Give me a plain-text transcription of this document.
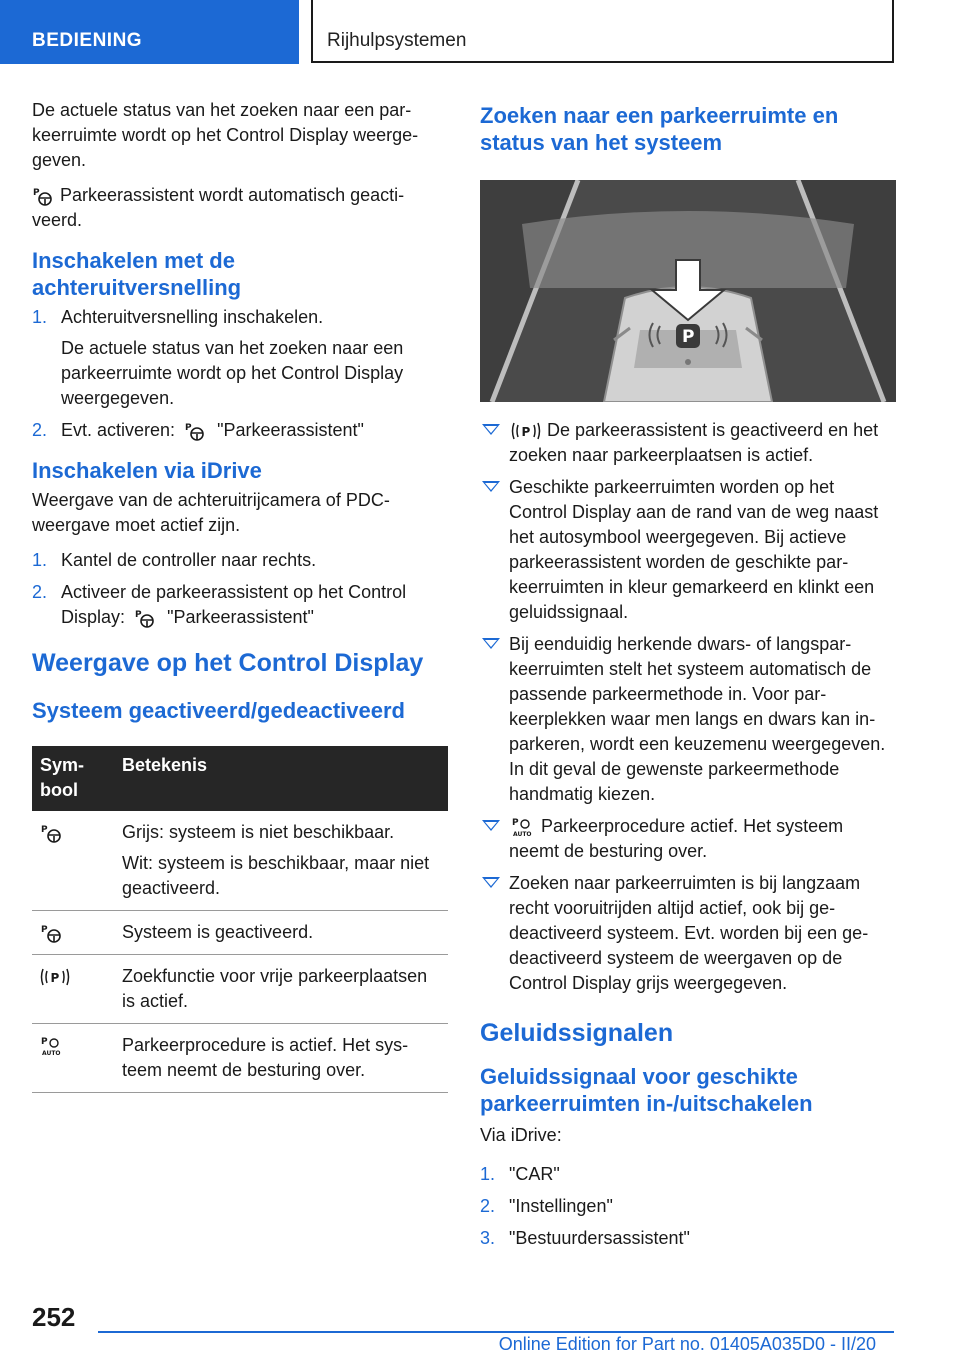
BEDIENING	Rijhulpsystemen

De actuele status van het zoeken naar een parkeerruimte wordt op het Control Display weergegeven.

P Parkeerassistent wordt automatisch geactiveerd.

Inschakelen met de achteruitversnelling
1. Achteruitversnelling inschakelen.
De actuele status van het zoeken naar een parkeerruimte wordt op het Control Display weergegeven.
2. Evt. activeren: P "Parkeerassistent"
Inschakelen via iDrive

Weergave van de achteruitrijcamera of PDC-weergave moet actief zijn.

1. Kantel de controller naar rechts.
2. Activeer de parkeerassistent op het Control Display: P "Parkeerassistent"
Weergave op het Control Display
Systeem geactiveerd/gedeactiveerd
Symbool	Betekenis

P	Grijs: systeem is niet beschikbaar.
Wit: systeem is beschikbaar, maar niet geactiveerd.

P	Systeem is geactiveerd.

P	Zoekfunctie voor vrije parkeerplaatsen is actief.

P
AUTO	Parkeerprocedure is actief. Het systeem neemt de besturing over.
Zoeken naar een parkeerruimte en status van het systeem
P
P De parkeerassistent is geactiveerd en het zoeken naar parkeerplaatsen is actief.
Geschikte parkeerruimten worden op het Control Display aan de rand van de weg naast het autosymbool weergegeven. Bij actieve parkeerassistent worden de geschikte parkeerruimten in kleur gemarkeerd en klinkt een geluidssignaal.
Bij eenduidig herkende dwars- of langsparkeerruimten stelt het systeem automatisch de passende parkeermethode in. Voor parkeerplekken waar men langs en dwars kan inparkeren, wordt een keuzemenu weergegeven. In dit geval de gewenste parkeermethode handmatig kiezen.
P
AUTO Parkeerprocedure actief. Het systeem neemt de besturing over.
Zoeken naar parkeerruimten is bij langzaam recht vooruitrijden altijd actief, ook bij gedeactiveerd systeem. Evt. worden bij een gedeactiveerd systeem de weergaven op de Control Display grijs weergegeven.
Geluidssignalen
Geluidssignaal voor geschikte parkeerruimten in-/uitschakelen

Via iDrive:

1. "CAR"
2. "Instellingen"
3. "Bestuurdersassistent"
252
Online Edition for Part no. 01405A035D0 - II/20
